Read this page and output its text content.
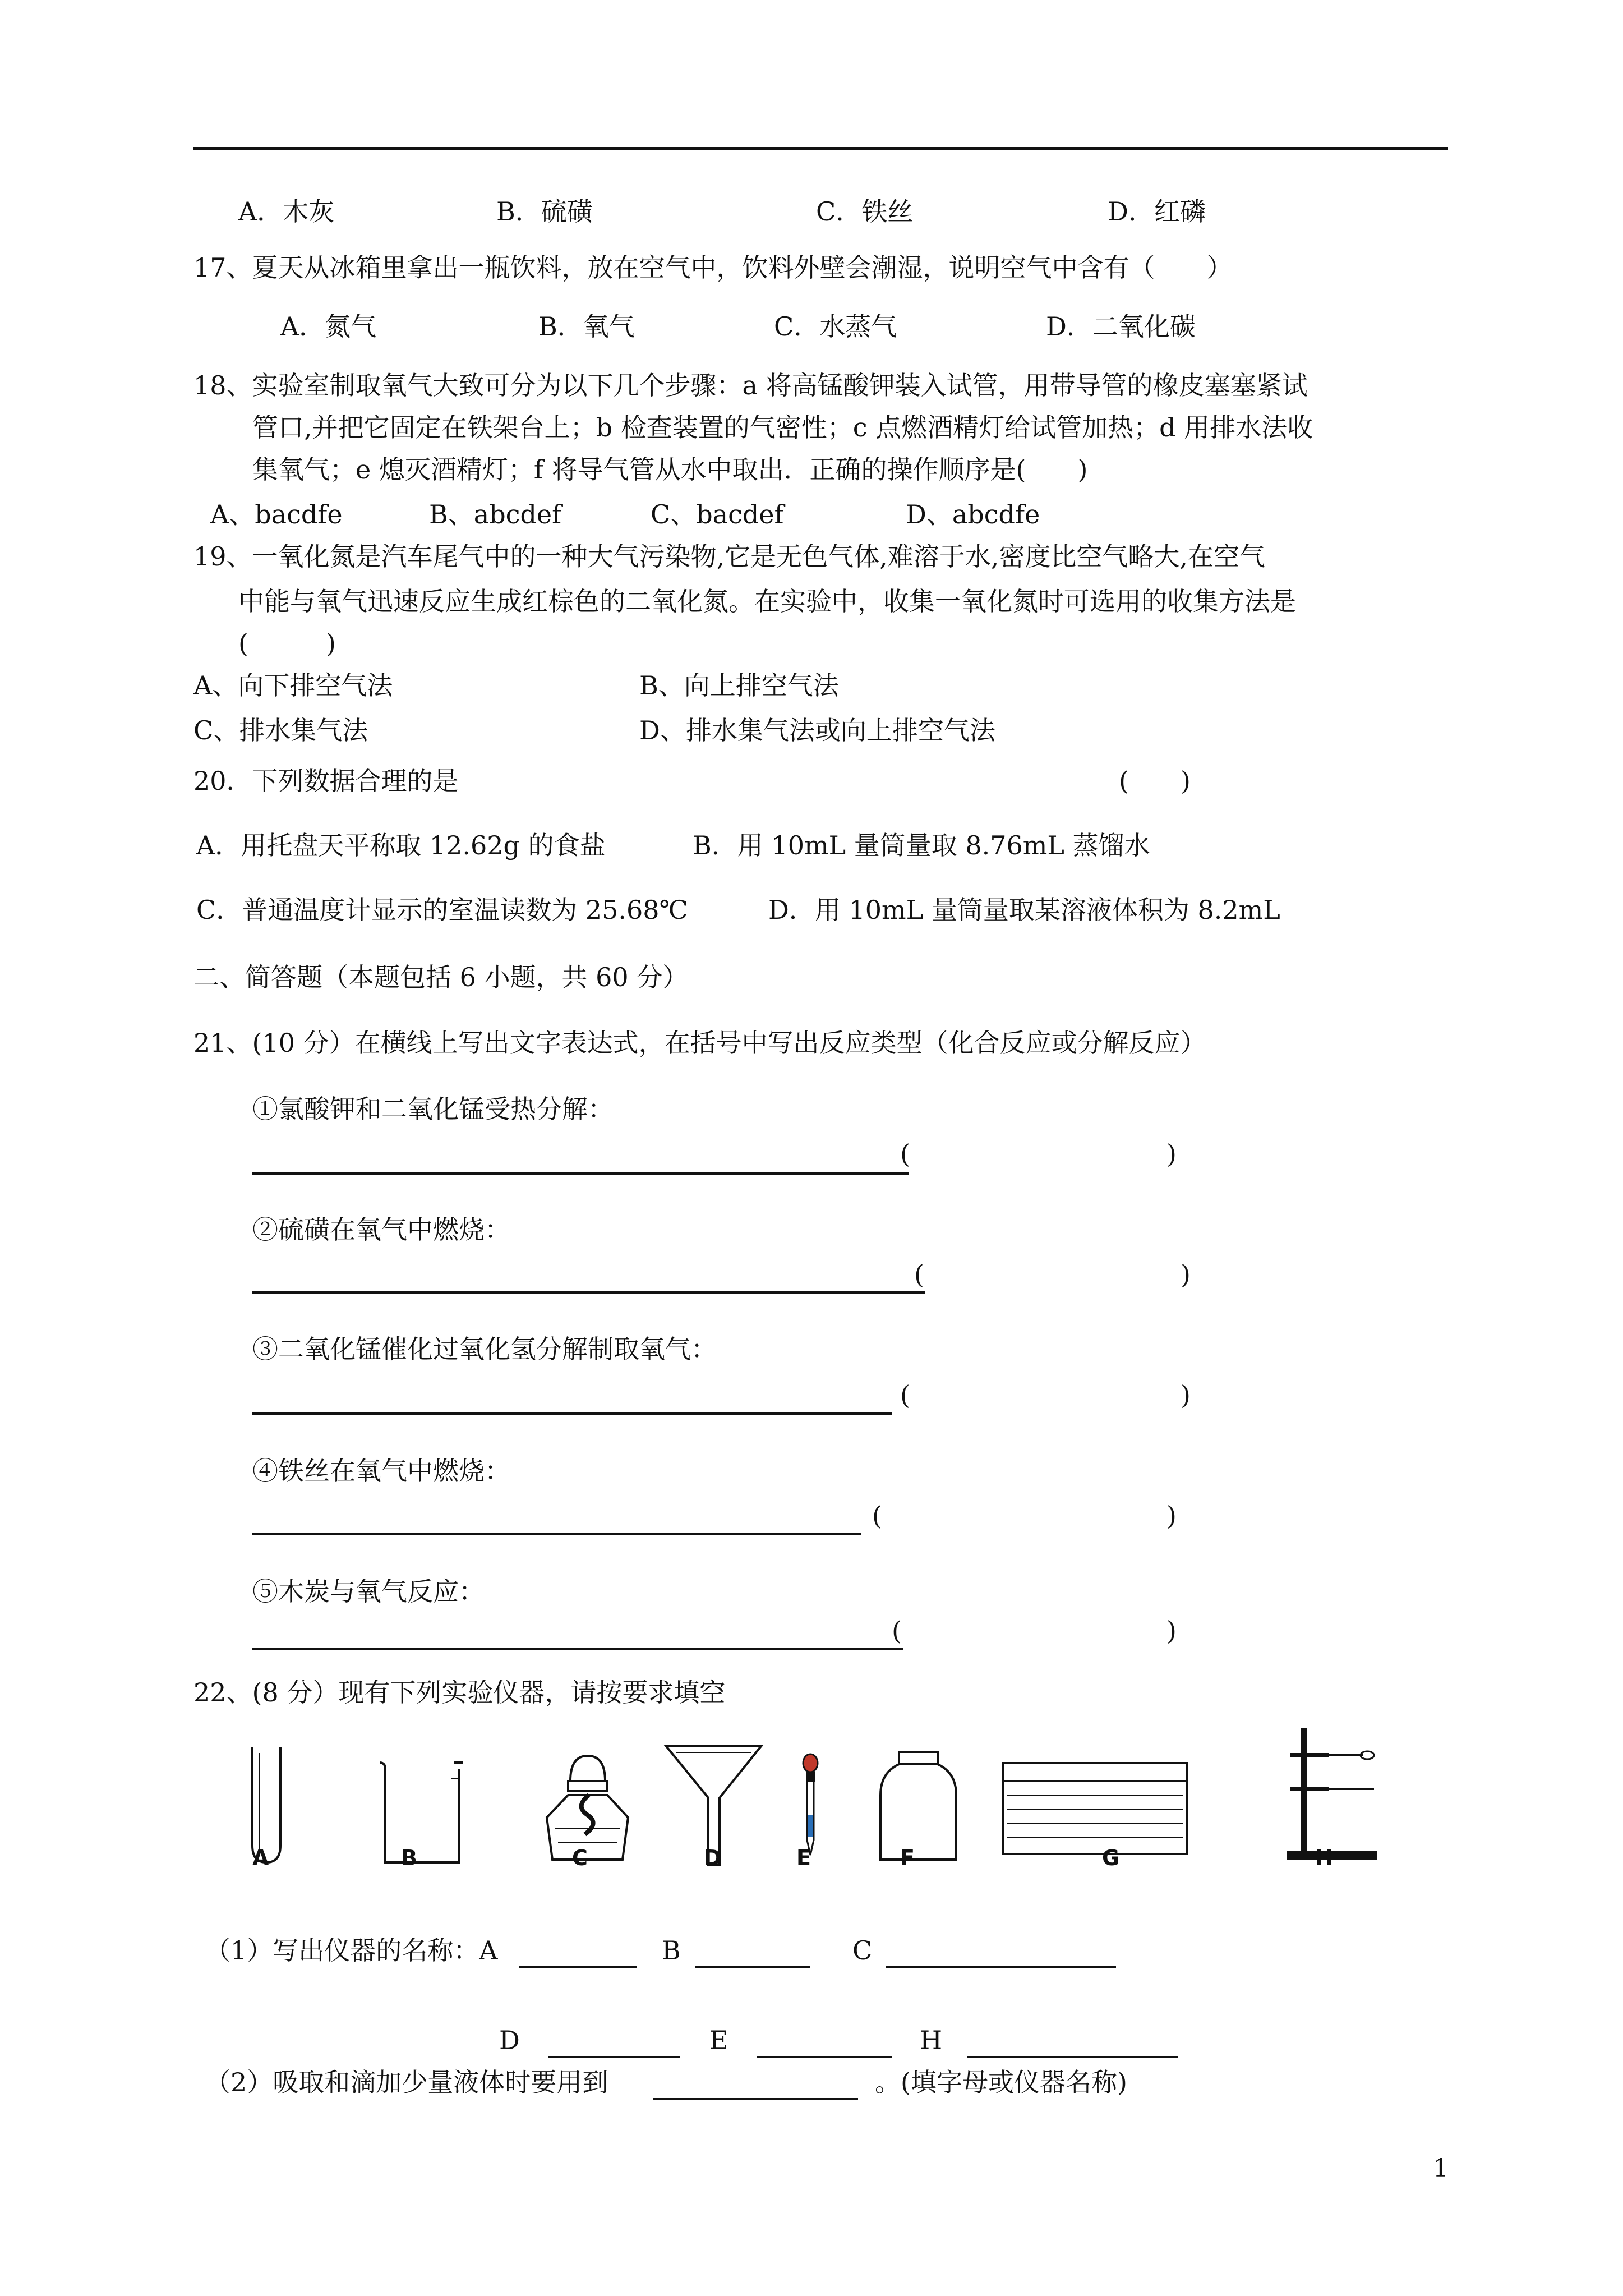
A．木灰	B．硫磺	C．铁丝	D．红磷
17、夏天从冰箱里拿出一瓶饮料，放在空气中，饮料外壁会潮湿，说明空气中含有（　　）
A．氮气	B．氧气	C．水蒸气	D．二氧化碳
18、实验室制取氧气大致可分为以下几个步骤：a 将高锰酸钾装入试管，用带导管的橡皮塞塞紧试
管口,并把它固定在铁架台上；b 检查装置的气密性；c 点燃酒精灯给试管加热；d 用排水法收
集氧气；e 熄灭酒精灯；f 将导气管从水中取出．正确的操作顺序是(　　)
A、bacdfe	B、abcdef	C、bacdef	D、abcdfe
19、一氧化氮是汽车尾气中的一种大气污染物,它是无色气体,难溶于水,密度比空气略大,在空气
中能与氧气迅速反应生成红棕色的二氧化氮。在实验中，收集一氧化氮时可选用的收集方法是
(　　　)
A、向下排空气法	B、向上排空气法
C、排水集气法	D、排水集气法或向上排空气法
20．下列数据合理的是	(　　)
A．用托盘天平称取 12.62g 的食盐	B．用 10mL 量筒量取 8.76mL 蒸馏水
C．普通温度计显示的室温读数为 25.68℃	D．用 10mL 量筒量取某溶液体积为 8.2mL
二、简答题（本题包括 6 小题，共 60 分）
21、(10 分）在横线上写出文字表达式，在括号中写出反应类型（化合反应或分解反应）
①氯酸钾和二氧化锰受热分解：
(	)
②硫磺在氧气中燃烧：
(	)
③二氧化锰催化过氧化氢分解制取氧气：
(	)
④铁丝在氧气中燃烧：
(	)
⑤木炭与氧气反应：
(	)
22、(8 分）现有下列实验仪器，请按要求填空
A	B	C	D	E	F	G	H
（1）写出仪器的名称：A	B	C
D	E	H
（2）吸取和滴加少量液体时要用到	。(填字母或仪器名称)
1
